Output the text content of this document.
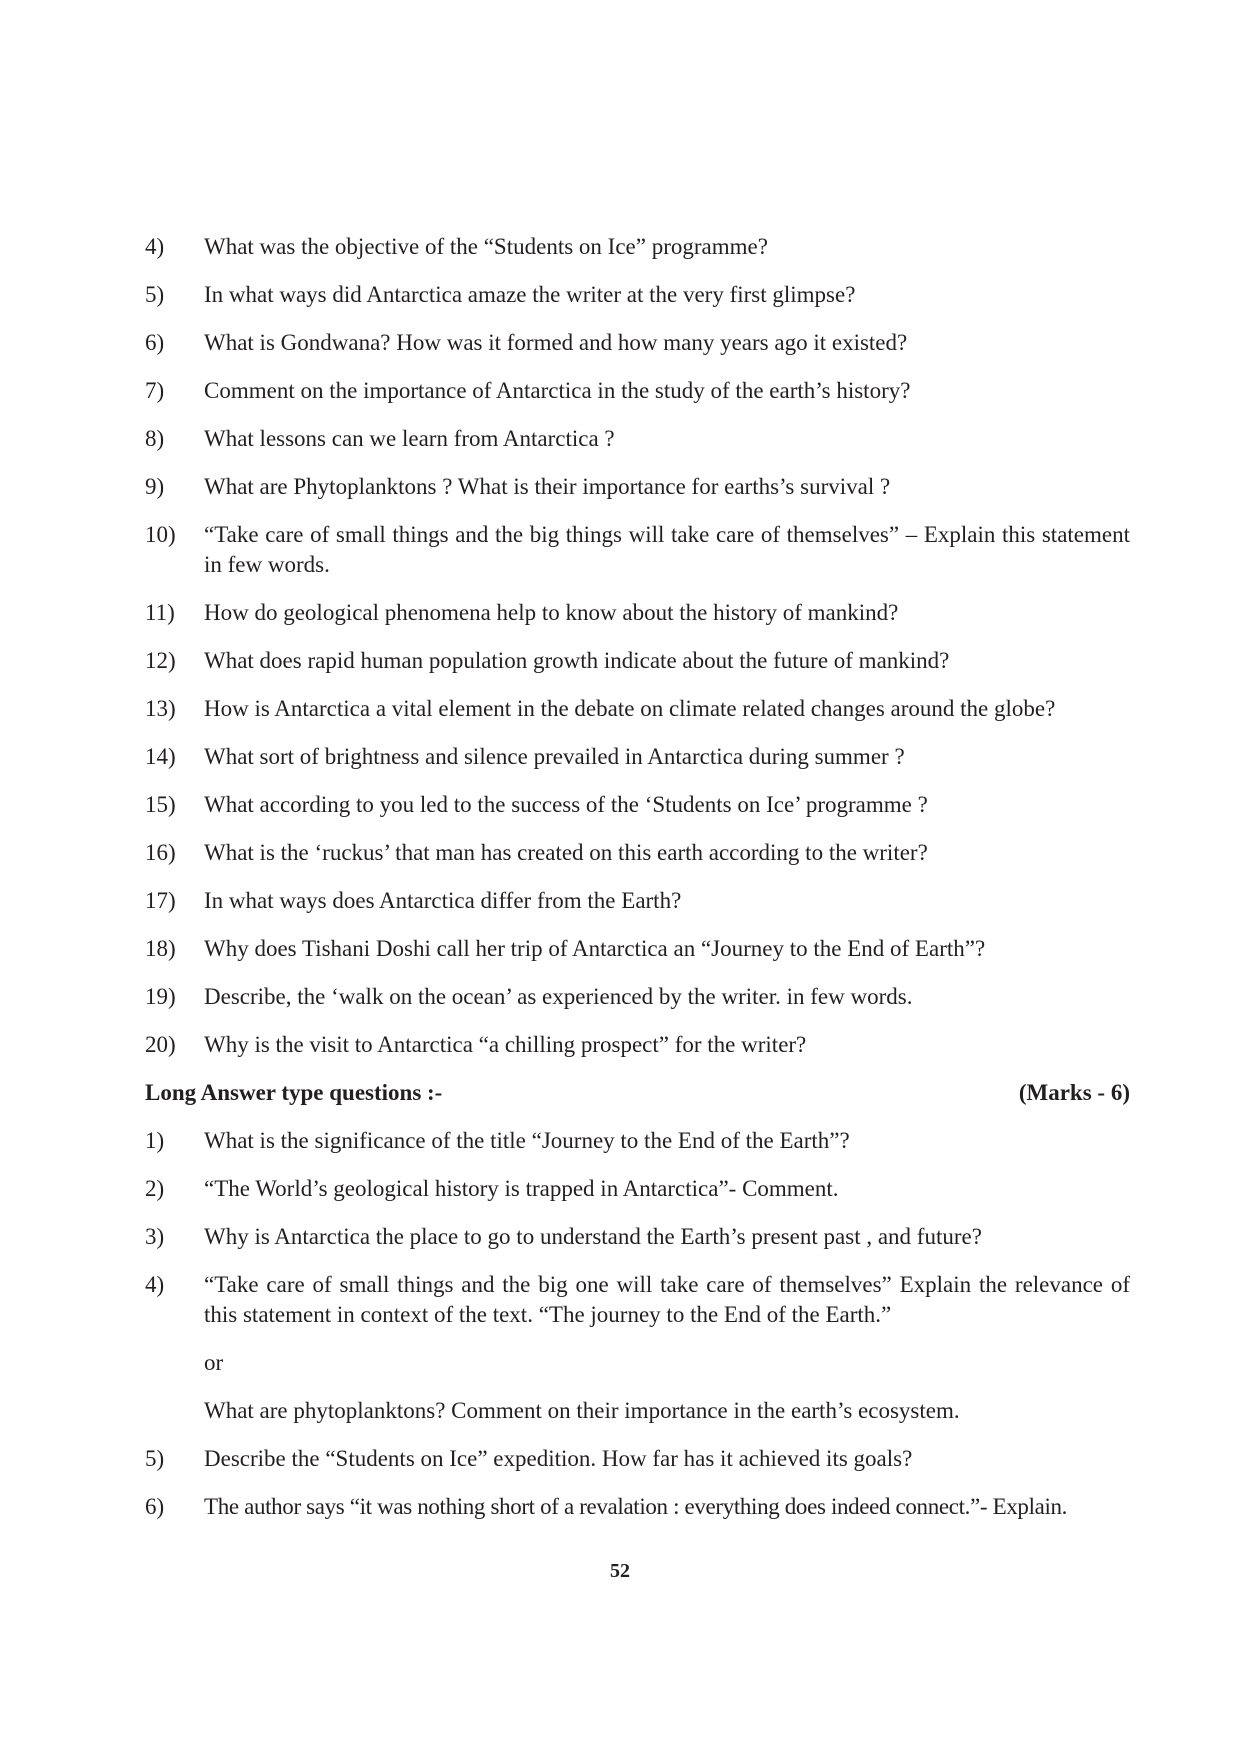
4)	What was the objective of the “Students on Ice” programme?
5)	In what ways did Antarctica amaze the writer at the very first glimpse?
6)	What is Gondwana? How was it formed and how many years ago it existed?
7)	Comment on the importance of Antarctica in the study of the earth’s history?
8)	What lessons can we learn from Antarctica ?
9)	What are Phytoplanktons ? What is their importance for earths’s survival ?
10)	“Take care of small things and the big things will take care of themselves” – Explain this statement in few words.
11)	How do geological phenomena help to know about the history of mankind?
12)	What does rapid human population growth indicate about the future of mankind?
13)	How is Antarctica a vital element in the debate on climate related changes around the globe?
14)	What sort of brightness and silence prevailed in Antarctica during summer ?
15)	What according to you led to the success of the ‘Students on Ice’ programme ?
16)	What is the ‘ruckus’ that man has created on this earth according to the writer?
17)	In what ways does Antarctica differ from the Earth?
18)	Why does Tishani Doshi call her trip of Antarctica an “Journey to the End of Earth”?
19)	Describe, the ‘walk on the ocean’ as experienced by the writer. in few words.
20)	Why is the visit to Antarctica “a chilling prospect” for the writer?
Long Answer type questions :-	(Marks - 6)
1)	What is the significance of the title “Journey to the End of the Earth”?
2)	“The World’s geological history is trapped in Antarctica”- Comment.
3)	Why is Antarctica the place to go to understand the Earth’s present past , and future?
4)	“Take care of small things and the big one will take care of themselves” Explain the relevance of this statement in context of the text. “The journey to the End of the Earth.”
or
What are phytoplanktons? Comment on their importance in the earth’s ecosystem.
5)	Describe the “Students on Ice” expedition. How far has it achieved its goals?
6)	The author says “it was nothing short of a revalation : everything does indeed connect.”- Explain.
52
